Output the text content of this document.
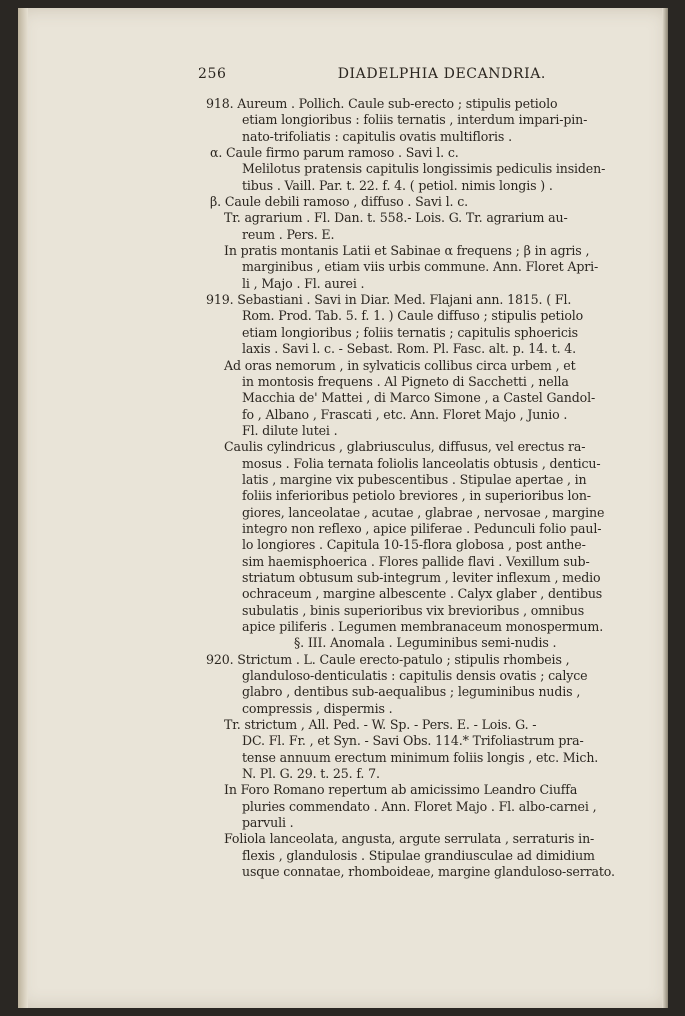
256	DIADELPHIA DECANDRIA.
918. Aureum . Pollich. Caule sub-erecto ; stipulis petiolo
etiam longioribus : foliis ternatis , interdum impari-pin-
nato-trifoliatis : capitulis ovatis multifloris .
α. Caule firmo parum ramoso . Savi l. c.
Melilotus pratensis capitulis longissimis pediculis insiden-
tibus . Vaill. Par. t. 22. f. 4. ( petiol. nimis longis ) .
β. Caule debili ramoso , diffuso . Savi l. c.
Tr. agrarium . Fl. Dan. t. 558.- Lois. G. Tr. agrarium au-
reum . Pers. E.
In pratis montanis Latii et Sabinae α frequens ; β in agris ,
marginibus , etiam viis urbis commune. Ann. Floret Apri-
li , Majo . Fl. aurei .
919. Sebastiani . Savi in Diar. Med. Flajani ann. 1815. ( Fl.
Rom. Prod. Tab. 5. f. 1. ) Caule diffuso ; stipulis petiolo
etiam longioribus ; foliis ternatis ; capitulis sphoericis
laxis . Savi l. c. - Sebast. Rom. Pl. Fasc. alt. p. 14. t. 4.
Ad oras nemorum , in sylvaticis collibus circa urbem , et
in montosis frequens . Al Pigneto di Sacchetti , nella
Macchia de' Mattei , di Marco Simone , a Castel Gandol-
fo , Albano , Frascati , etc. Ann. Floret Majo , Junio .
Fl. dilute lutei .
Caulis cylindricus , glabriusculus, diffusus, vel erectus ra-
mosus . Folia ternata foliolis lanceolatis obtusis , denticu-
latis , margine vix pubescentibus . Stipulae apertae , in
foliis inferioribus petiolo breviores , in superioribus lon-
giores, lanceolatae , acutae , glabrae , nervosae , margine
integro non reflexo , apice piliferae . Pedunculi folio paul-
lo longiores . Capitula 10-15-flora globosa , post anthe-
sim haemisphoerica . Flores pallide flavi . Vexillum sub-
striatum obtusum sub-integrum , leviter inflexum , medio
ochraceum , margine albescente . Calyx glaber , dentibus
subulatis , binis superioribus vix brevioribus , omnibus
apice piliferis . Legumen membranaceum monospermum.
§. III. Anomala . Leguminibus semi-nudis .
920. Strictum . L. Caule erecto-patulo ; stipulis rhombeis ,
glanduloso-denticulatis : capitulis densis ovatis ; calyce
glabro , dentibus sub-aequalibus ; leguminibus nudis ,
compressis , dispermis .
Tr. strictum , All. Ped. - W. Sp. - Pers. E. - Lois. G. -
DC. Fl. Fr. , et Syn. - Savi Obs. 114.* Trifoliastrum pra-
tense annuum erectum minimum foliis longis , etc. Mich.
N. Pl. G. 29. t. 25. f. 7.
In Foro Romano repertum ab amicissimo Leandro Ciuffa
pluries commendato . Ann. Floret Majo . Fl. albo-carnei ,
parvuli .
Foliola lanceolata, angusta, argute serrulata , serraturis in-
flexis , glandulosis . Stipulae grandiusculae ad dimidium
usque connatae, rhomboideae, margine glanduloso-serrato.
